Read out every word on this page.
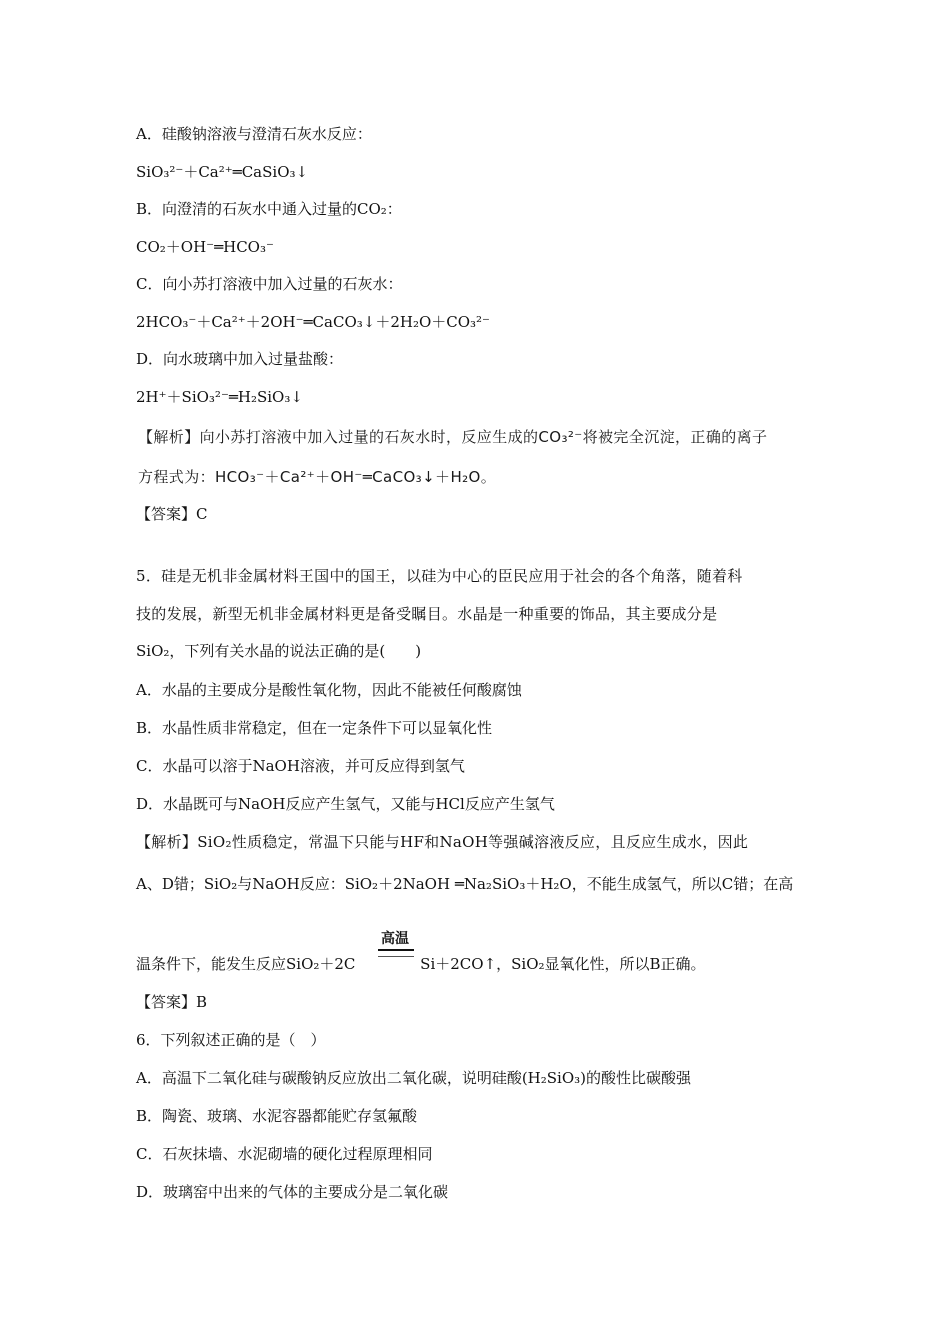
A．硅酸钠溶液与澄清石灰水反应：
SiO₃²⁻＋Ca²⁺═CaSiO₃↓
B．向澄清的石灰水中通入过量的CO₂：
CO₂＋OH⁻═HCO₃⁻
C．向小苏打溶液中加入过量的石灰水：
2HCO₃⁻＋Ca²⁺＋2OH⁻═CaCO₃↓＋2H₂O＋CO₃²⁻
D．向水玻璃中加入过量盐酸：
2H⁺＋SiO₃²⁻═H₂SiO₃↓
【解析】向小苏打溶液中加入过量的石灰水时，反应生成的CO₃²⁻将被完全沉淀，正确的离子
方程式为：HCO₃⁻＋Ca²⁺＋OH⁻═CaCO₃↓＋H₂O。
【答案】C
5．硅是无机非金属材料王国中的国王，以硅为中心的臣民应用于社会的各个角落，随着科
技的发展，新型无机非金属材料更是备受瞩目。水晶是一种重要的饰品，其主要成分是
SiO₂，下列有关水晶的说法正确的是(　　)
A．水晶的主要成分是酸性氧化物，因此不能被任何酸腐蚀
B．水晶性质非常稳定，但在一定条件下可以显氧化性
C．水晶可以溶于NaOH溶液，并可反应得到氢气
D．水晶既可与NaOH反应产生氢气，又能与HCl反应产生氢气
【解析】SiO₂性质稳定，常温下只能与HF和NaOH等强碱溶液反应，且反应生成水，因此
A、D错；SiO₂与NaOH反应：SiO₂＋2NaOH ═Na₂SiO₃＋H₂O，不能生成氢气，所以C错；在高
高温
温条件下，能发生反应SiO₂＋2C　　　　 Si＋2CO↑，SiO₂显氧化性，所以B正确。
【答案】B
6．下列叙述正确的是（　）
A．高温下二氧化硅与碳酸钠反应放出二氧化碳，说明硅酸(H₂SiO₃)的酸性比碳酸强
B．陶瓷、玻璃、水泥容器都能贮存氢氟酸
C．石灰抹墙、水泥砌墙的硬化过程原理相同
D．玻璃窑中出来的气体的主要成分是二氧化碳
